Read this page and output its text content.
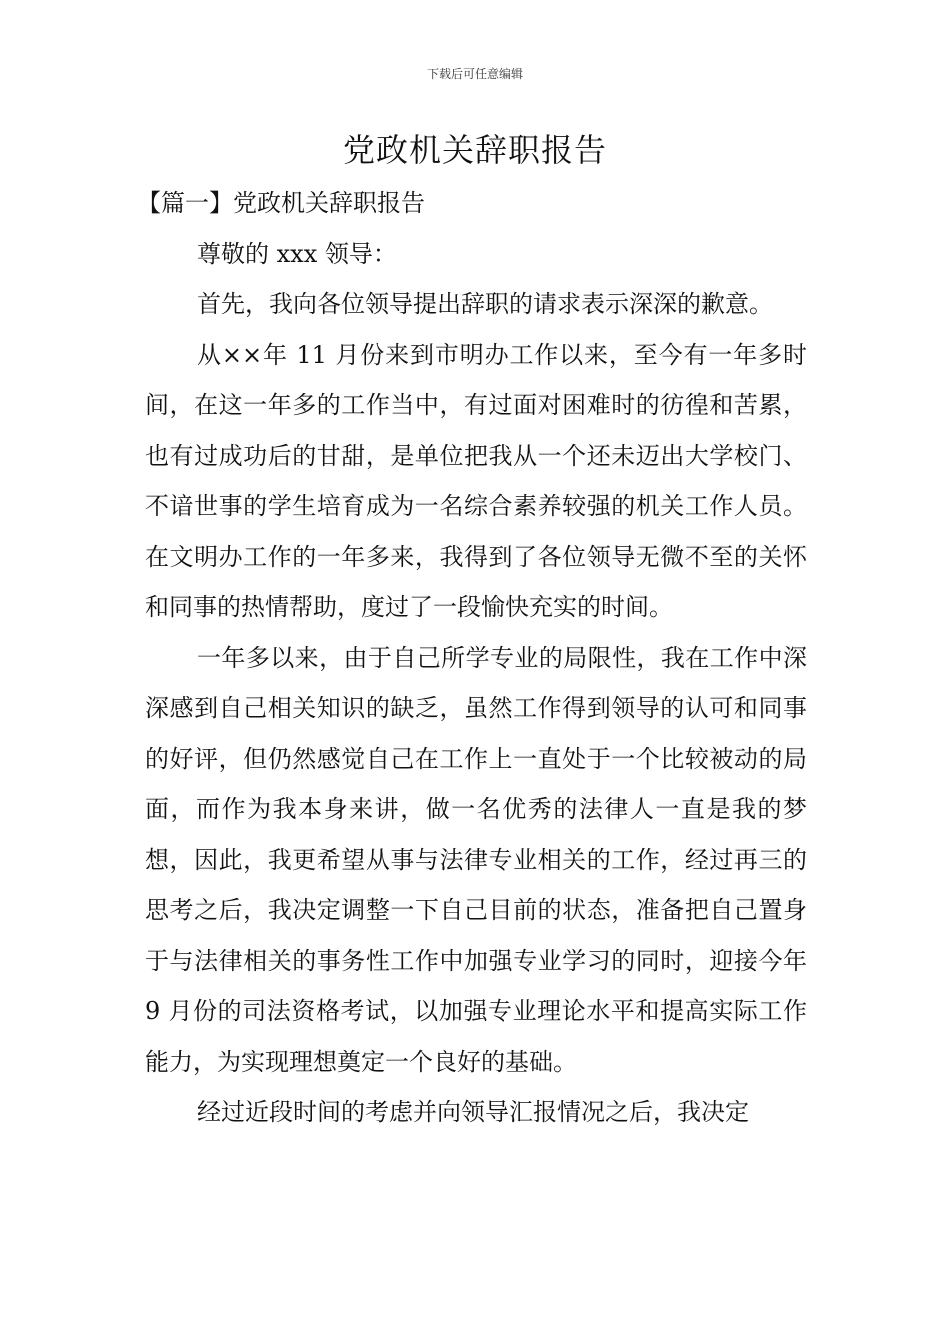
下载后可任意编辑
党政机关辞职报告

【篇一】党政机关辞职报告

尊敬的 xxx 领导：

首先，我向各位领导提出辞职的请求表示深深的歉意。

从××年 11 月份来到市明办工作以来，至今有一年多时间，在这一年多的工作当中，有过面对困难时的彷徨和苦累，也有过成功后的甘甜，是单位把我从一个还未迈出大学校门、不谙世事的学生培育成为一名综合素养较强的机关工作人员。在文明办工作的一年多来，我得到了各位领导无微不至的关怀和同事的热情帮助，度过了一段愉快充实的时间。

一年多以来，由于自己所学专业的局限性，我在工作中深深感到自己相关知识的缺乏，虽然工作得到领导的认可和同事的好评，但仍然感觉自己在工作上一直处于一个比较被动的局面，而作为我本身来讲，做一名优秀的法律人一直是我的梦想，因此，我更希望从事与法律专业相关的工作，经过再三的思考之后，我决定调整一下自己目前的状态，准备把自己置身于与法律相关的事务性工作中加强专业学习的同时，迎接今年 9 月份的司法资格考试，以加强专业理论水平和提高实际工作能力，为实现理想奠定一个良好的基础。

经过近段时间的考虑并向领导汇报情况之后，我决定
